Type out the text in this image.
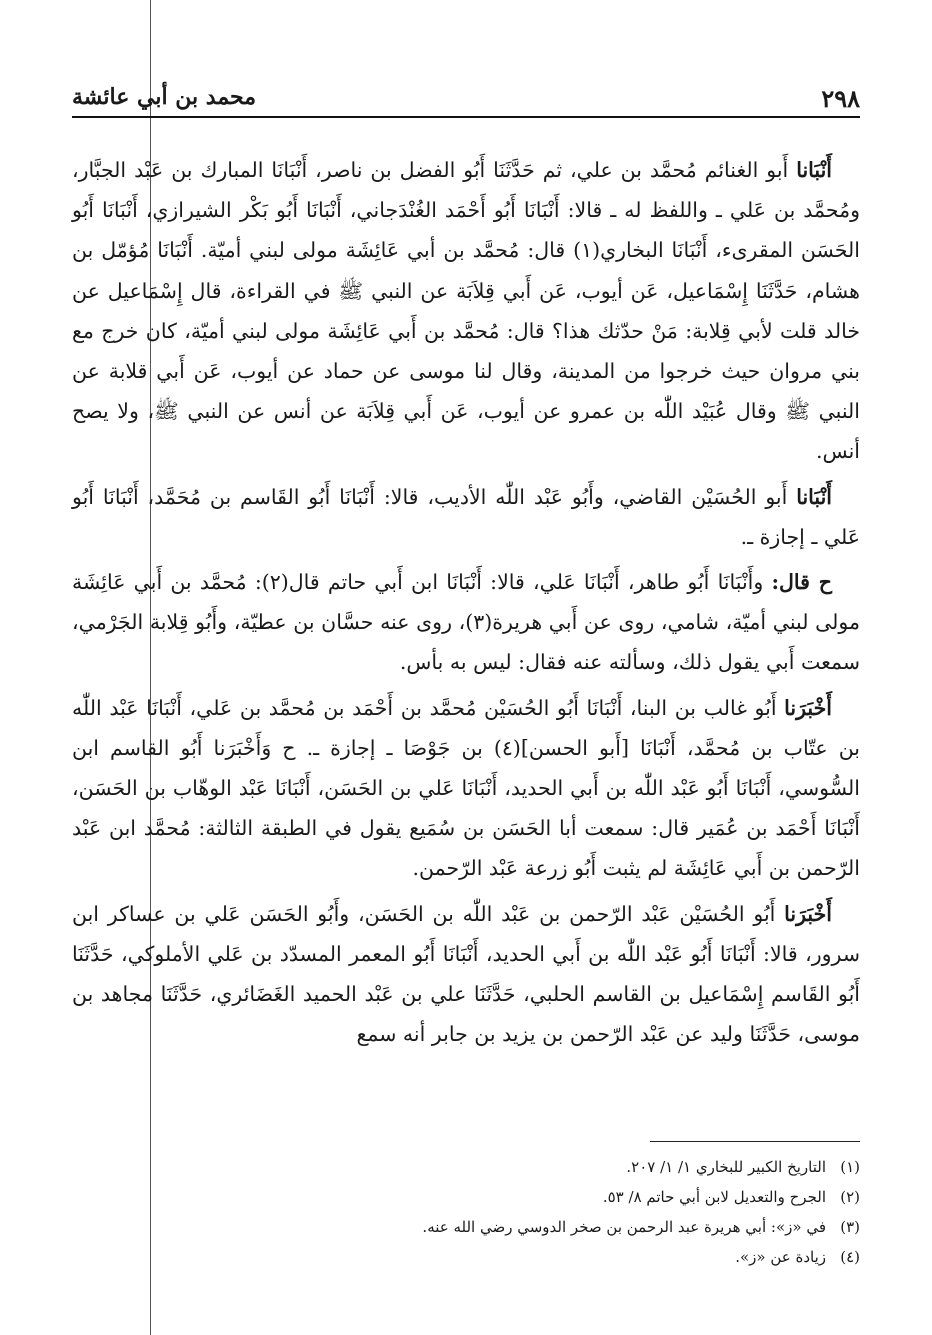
٢٩٨
محمد بن أبي عائشة

أَنْبَانا أَبو الغنائم مُحمَّد بن علي، ثم حَدَّثَنَا أَبُو الفضل بن ناصر، أَنْبَانَا المبارك بن عَبْد الجبَّار، ومُحمَّد بن عَلي ـ واللفظ له ـ قالا: أَنْبَانَا أَبُو أَحْمَد الغُنْدَجاني، أَنْبَانَا أَبُو بَكْر الشيرازي، أَنْبَانَا أَبُو الحَسَن المقرىء، أَنْبَانَا البخاري(١) قال: مُحمَّد بن أبي عَائِشَة مولى لبني أميّة. أَنْبَانَا مُؤمّل بن هشام، حَدَّثَنَا إِسْمَاعيل، عَن أيوب، عَن أَبي قِلاَبَة عن النبي ﷺ في القراءة، قال إِسْمَاعيل عن خالد قلت لأبي قِلابة: مَنْ حدّثك هذا؟ قال: مُحمَّد بن أَبي عَائِشَة مولى لبني أميّة، كان خرج مع بني مروان حيث خرجوا من المدينة، وقال لنا موسى عن حماد عن أيوب، عَن أَبي قلابة عن النبي ﷺ وقال عُبَيْد اللّٰه بن عمرو عن أيوب، عَن أَبي قِلاَبَة عن أنس عن النبي ﷺ، ولا يصح أنس.

أَنْبَانا أَبو الحُسَيْن القاضي، وأَبُو عَبْد اللّٰه الأديب، قالا: أَنْبَانَا أَبُو القَاسم بن مُحَمَّد، أَنْبَانَا أَبُو عَلي ـ إجازة ـ.

ح قال: وأَنْبَانَا أَبُو طاهر، أَنْبَانَا عَلي، قالا: أَنْبَانَا ابن أَبي حاتم قال(٢): مُحمَّد بن أَبي عَائِشَة مولى لبني أميّة، شامي، روى عن أَبي هريرة(٣)، روى عنه حسَّان بن عطيّة، وأَبُو قِلابة الجَرْمي، سمعت أَبي يقول ذلك، وسألته عنه فقال: ليس به بأس.

أَخْبَرَنا أَبُو غالب بن البنا، أَنْبَانَا أَبُو الحُسَيْن مُحمَّد بن أَحْمَد بن مُحمَّد بن عَلي، أَنْبَانَا عَبْد اللّٰه بن عتّاب بن مُحمَّد، أَنْبَانَا [أَبو الحسن](٤) بن جَوْصَا ـ إجازة ـ. ح وَأَخْبَرَنا أَبُو القاسم ابن السُّوسي، أَنْبَانَا أَبُو عَبْد اللّٰه بن أَبي الحديد، أَنْبَانَا عَلي بن الحَسَن، أَنْبَانَا عَبْد الوهّاب بن الحَسَن، أَنْبَانَا أَحْمَد بن عُمَير قال: سمعت أبا الحَسَن بن سُمَيع يقول في الطبقة الثالثة: مُحمَّد ابن عَبْد الرّحمن بن أَبي عَائِشَة لم يثبت أَبُو زرعة عَبْد الرّحمن.

أَخْبَرَنا أَبُو الحُسَيْن عَبْد الرّحمن بن عَبْد اللّٰه بن الحَسَن، وأَبُو الحَسَن عَلي بن عساكر ابن سرور، قالا: أَنْبَانَا أَبُو عَبْد اللّٰه بن أَبي الحديد، أَنْبَانَا أَبُو المعمر المسدّد بن عَلي الأملوكي، حَدَّثَنَا أَبُو القَاسم إِسْمَاعيل بن القاسم الحلبي، حَدَّثَنَا علي بن عَبْد الحميد الغَضَائري، حَدَّثَنَا مجاهد بن موسى، حَدَّثَنَا وليد عن عَبْد الرّحمن بن يزيد بن جابر أنه سمع

(١)التاريخ الكبير للبخاري ١/ ١/ ٢٠٧.
(٢)الجرح والتعديل لابن أبي حاتم ٨/ ٥٣.
(٣)في «ز»: أبي هريرة عبد الرحمن بن صخر الدوسي رضي الله عنه.
(٤)زيادة عن «ز».
